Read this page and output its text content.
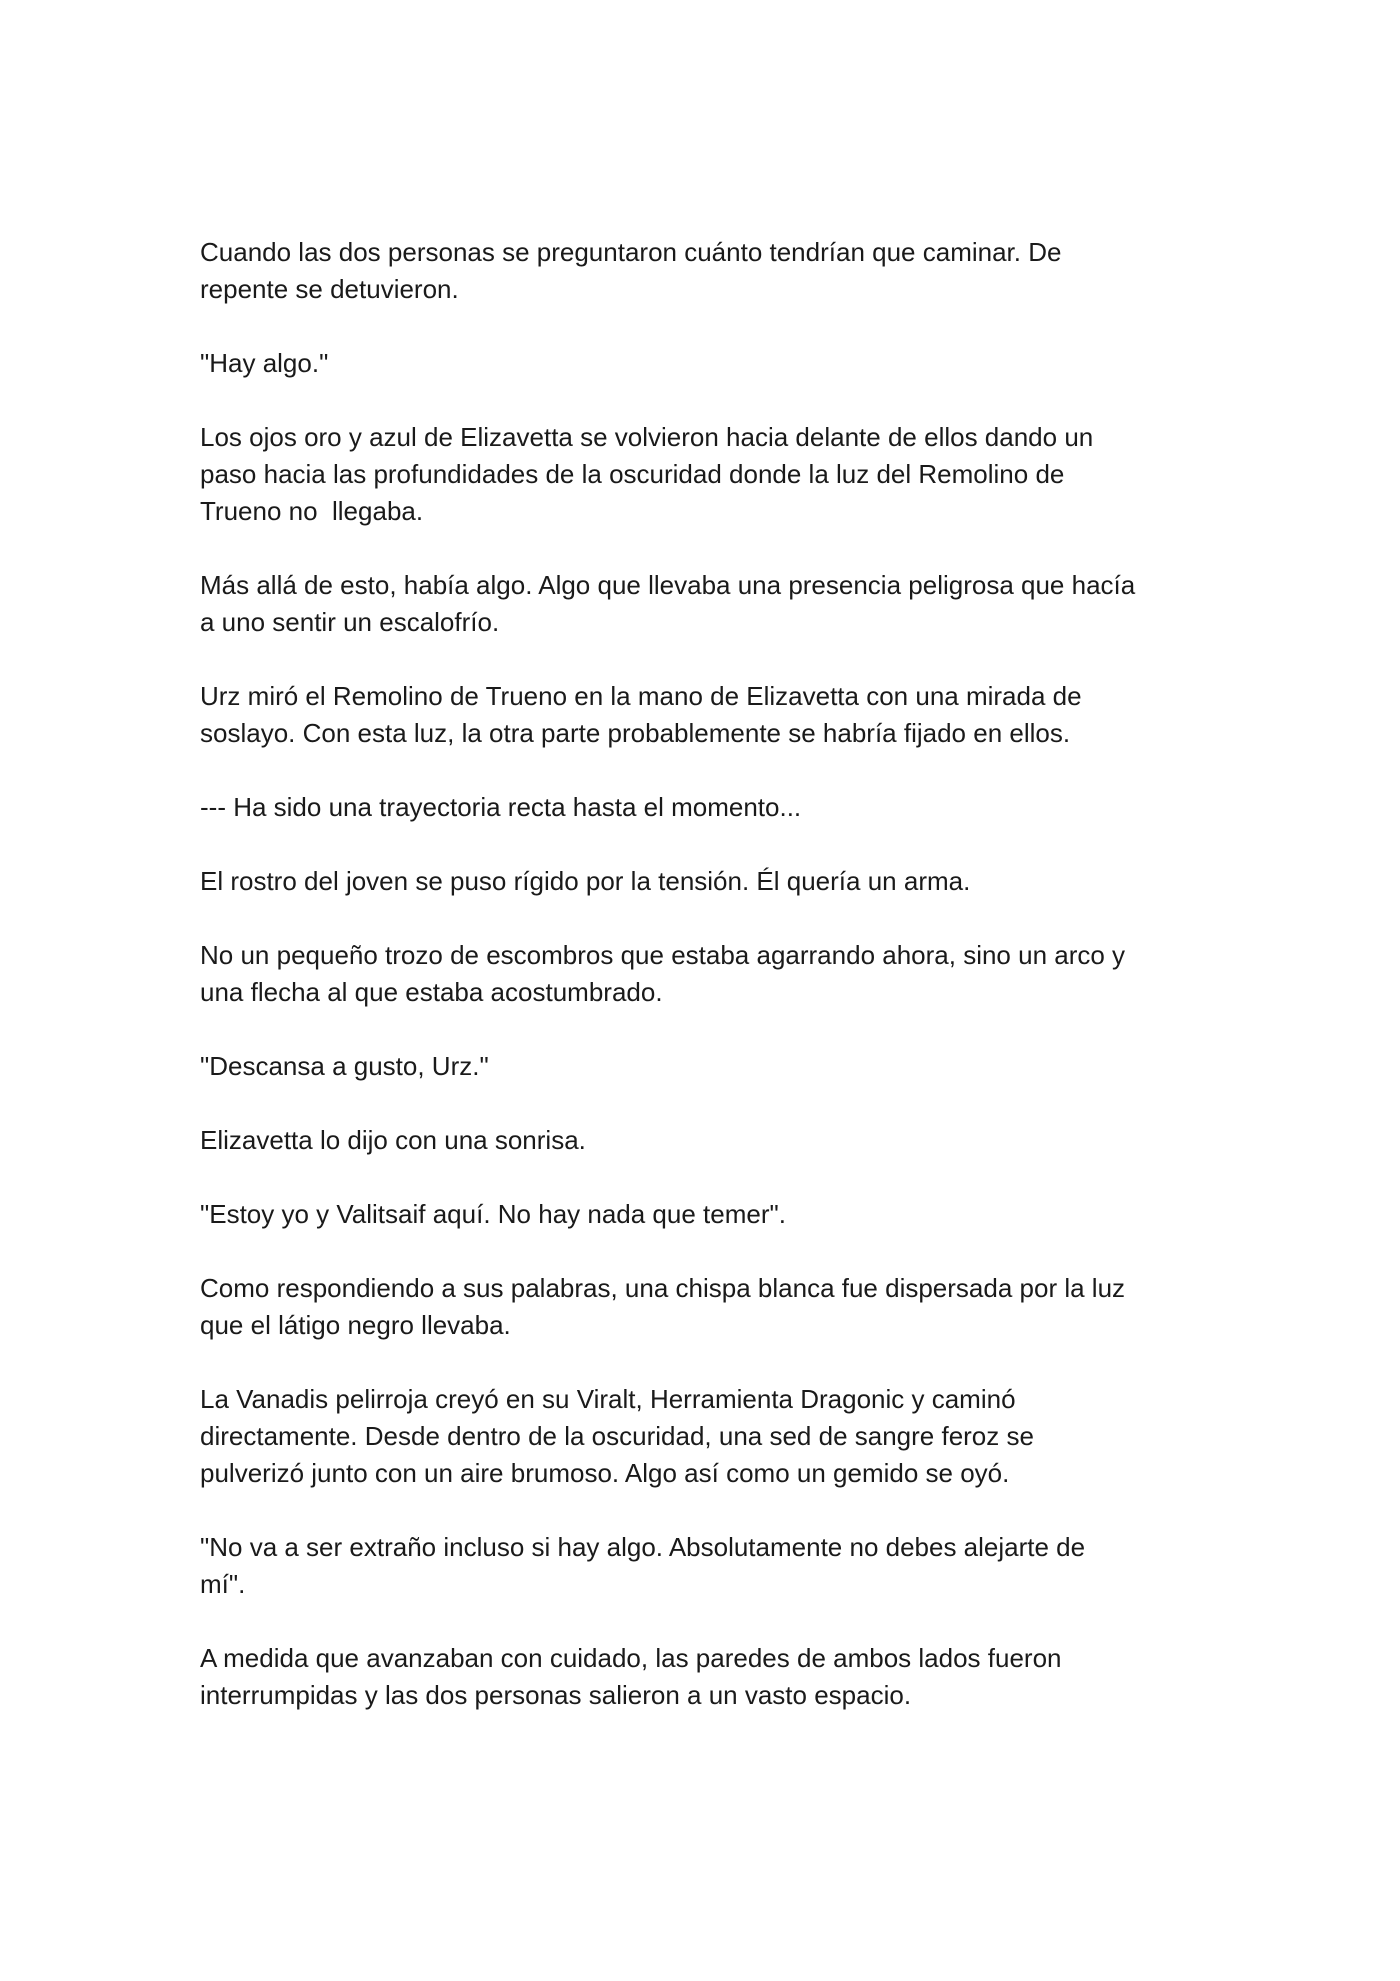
Cuando las dos personas se preguntaron cuánto tendrían que caminar. De
repente se detuvieron.

"Hay algo."

Los ojos oro y azul de Elizavetta se volvieron hacia delante de ellos dando un
paso hacia las profundidades de la oscuridad donde la luz del Remolino de
Trueno no  llegaba.

Más allá de esto, había algo. Algo que llevaba una presencia peligrosa que hacía
a uno sentir un escalofrío.

Urz miró el Remolino de Trueno en la mano de Elizavetta con una mirada de
soslayo. Con esta luz, la otra parte probablemente se habría fijado en ellos.

--- Ha sido una trayectoria recta hasta el momento...

El rostro del joven se puso rígido por la tensión. Él quería un arma.

No un pequeño trozo de escombros que estaba agarrando ahora, sino un arco y
una flecha al que estaba acostumbrado.

"Descansa a gusto, Urz."

Elizavetta lo dijo con una sonrisa.

"Estoy yo y Valitsaif aquí. No hay nada que temer".

Como respondiendo a sus palabras, una chispa blanca fue dispersada por la luz
que el látigo negro llevaba.

La Vanadis pelirroja creyó en su Viralt, Herramienta Dragonic y caminó
directamente. Desde dentro de la oscuridad, una sed de sangre feroz se
pulverizó junto con un aire brumoso. Algo así como un gemido se oyó.

"No va a ser extraño incluso si hay algo. Absolutamente no debes alejarte de
mí".

A medida que avanzaban con cuidado, las paredes de ambos lados fueron
interrumpidas y las dos personas salieron a un vasto espacio.
